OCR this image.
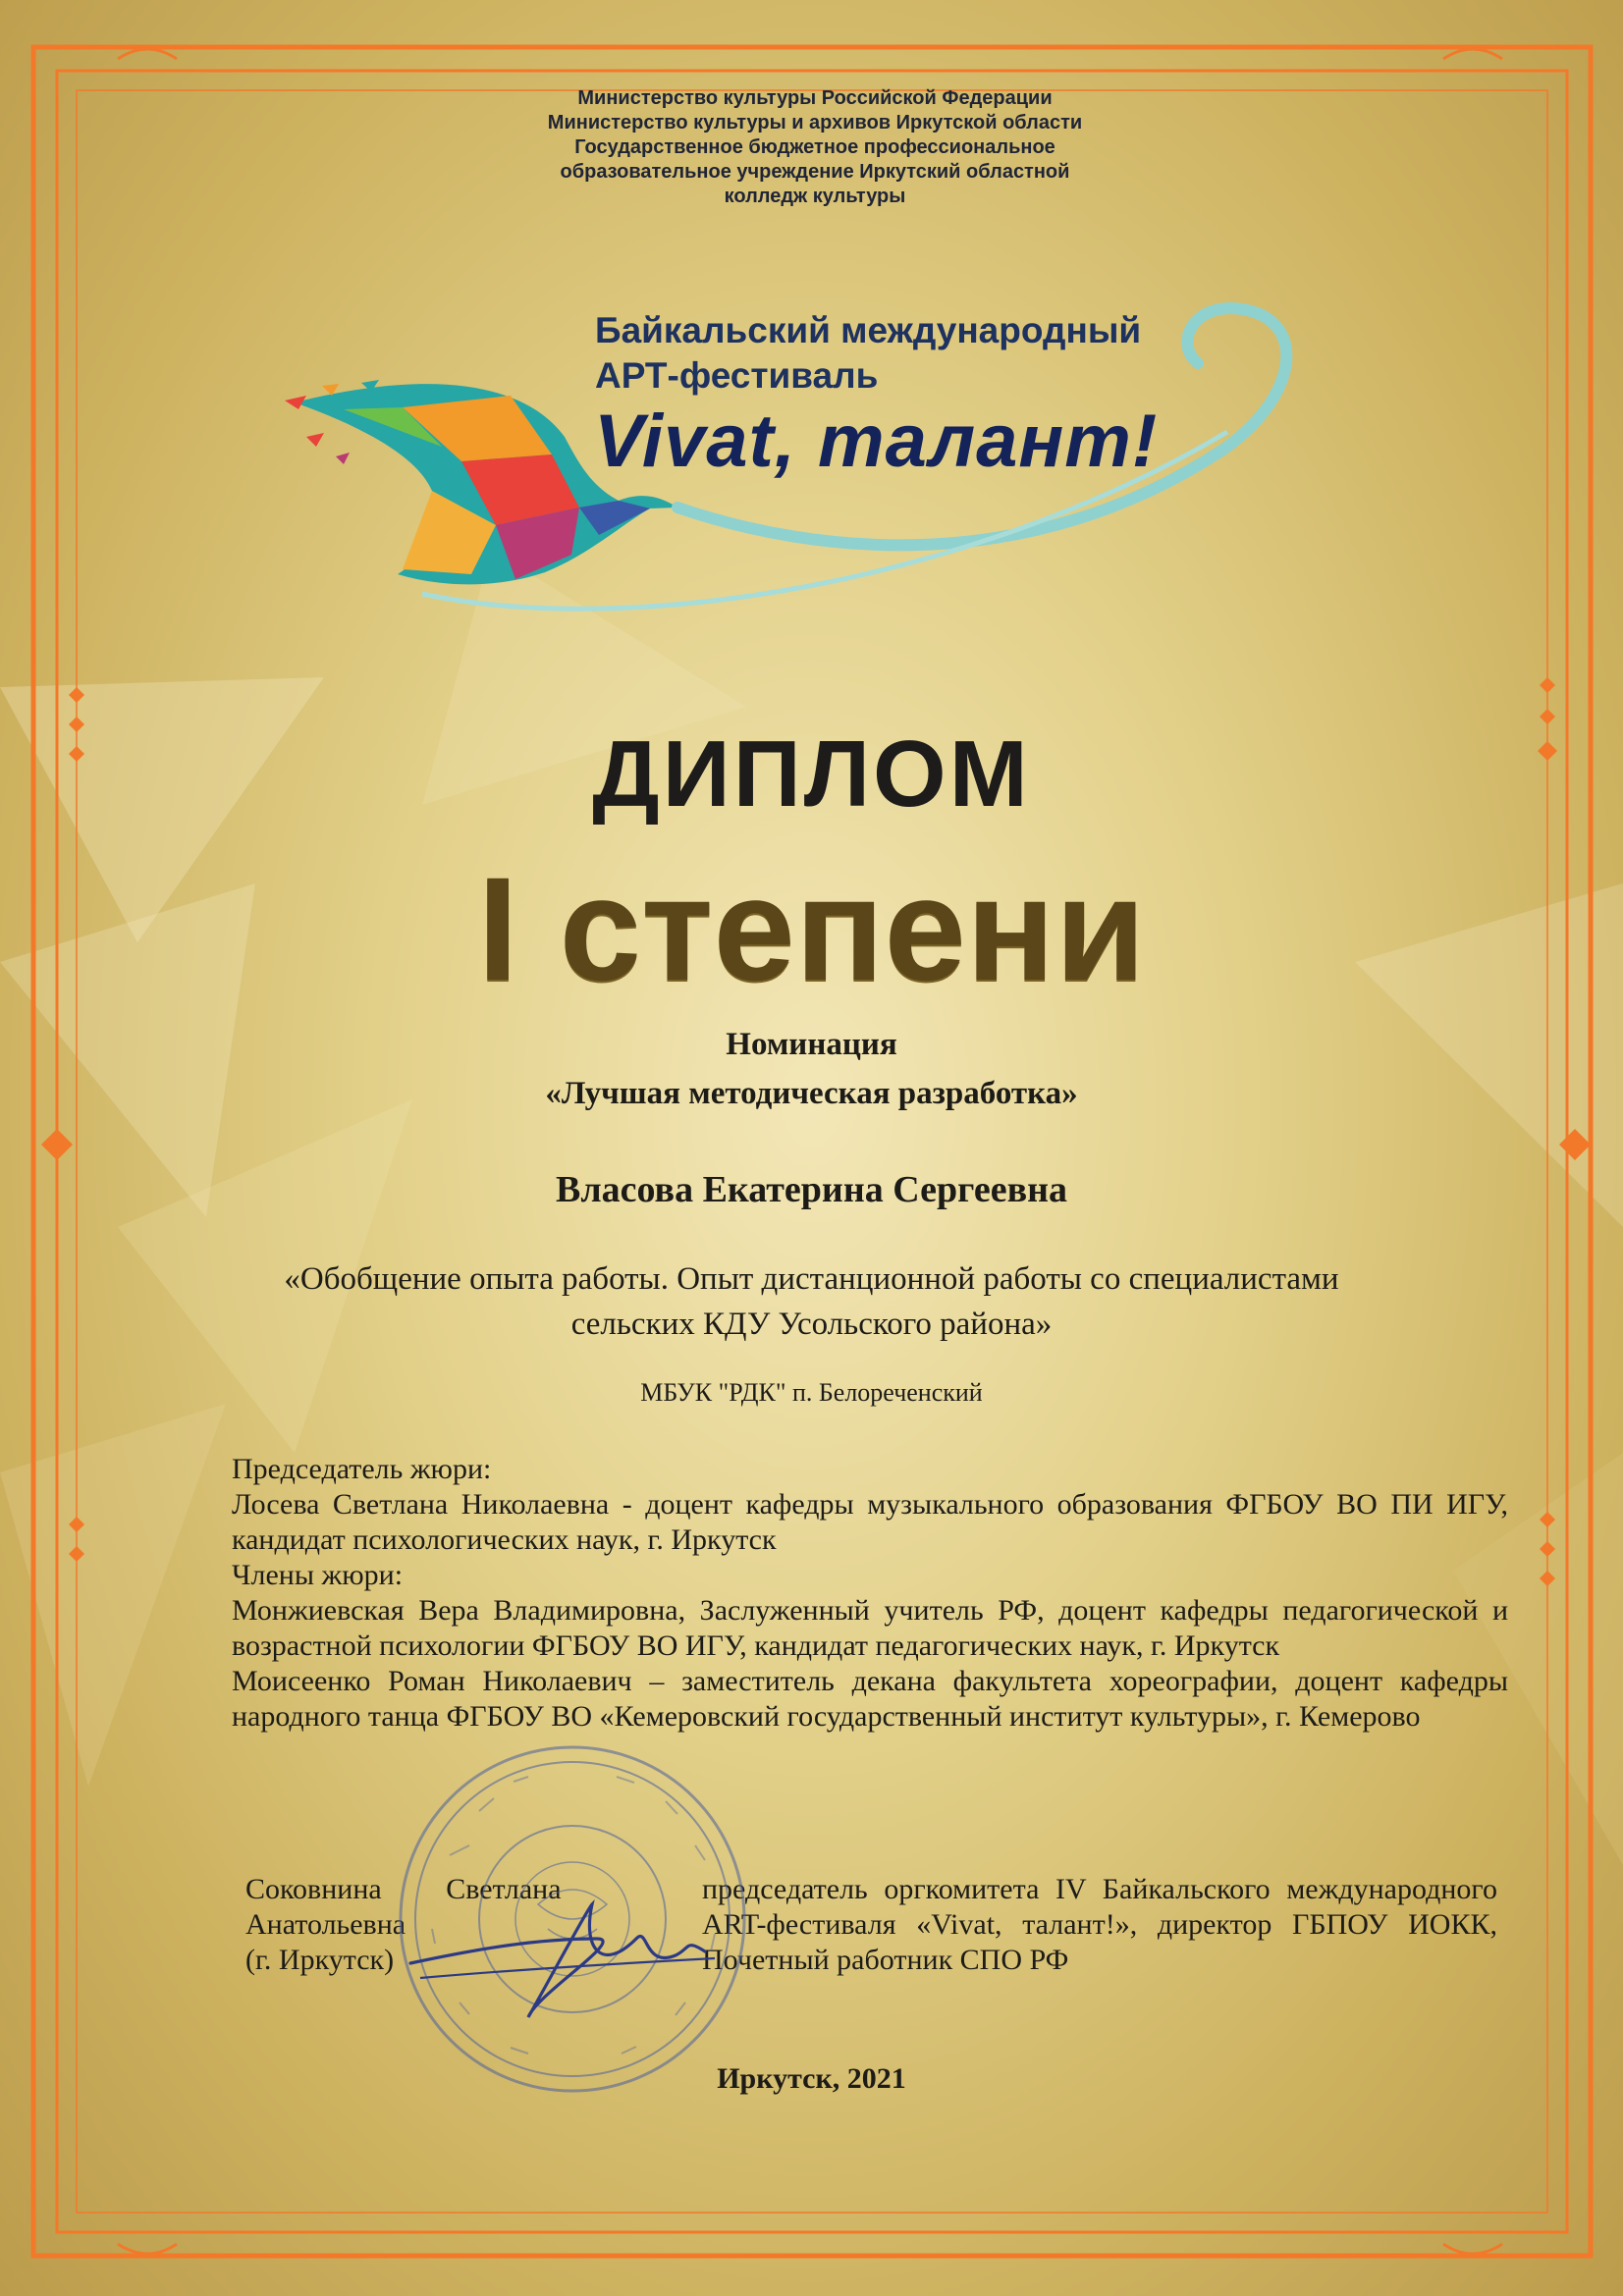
Министерство культуры Российской Федерации
Министерство культуры и архивов Иркутской области
Государственное бюджетное профессиональное
образовательное учреждение Иркутский областной
колледж культуры
Байкальский международный
АРТ-фестиваль
Vivat, талант!
ДИПЛОМ
I степени
Номинация
«Лучшая методическая разработка»
Власова Екатерина Сергеевна
«Обобщение опыта работы. Опыт дистанционной работы со специалистами
сельских КДУ Усольского района»
МБУК "РДК" п. Белореченский

Председатель жюри:

Лосева Светлана Николаевна - доцент кафедры музыкального образования ФГБОУ ВО ПИ ИГУ, кандидат психологических наук, г. Иркутск

Члены жюри:

Монжиевская Вера Владимировна, Заслуженный учитель РФ, доцент кафедры педагогической и возрастной психологии ФГБОУ ВО ИГУ, кандидат педагогических наук, г. Иркутск

Моисеенко Роман Николаевич – заместитель декана факультета хореографии, доцент кафедры народного танца ФГБОУ ВО «Кемеровский государственный институт культуры», г. Кемерово

Соковнина Светлана
Анатольевна
(г. Иркутск)
председатель оргкомитета IV Байкальского международного ART-фестиваля «Vivat, талант!», директор ГБПОУ ИОКК, Почетный работник СПО РФ
Иркутск, 2021
